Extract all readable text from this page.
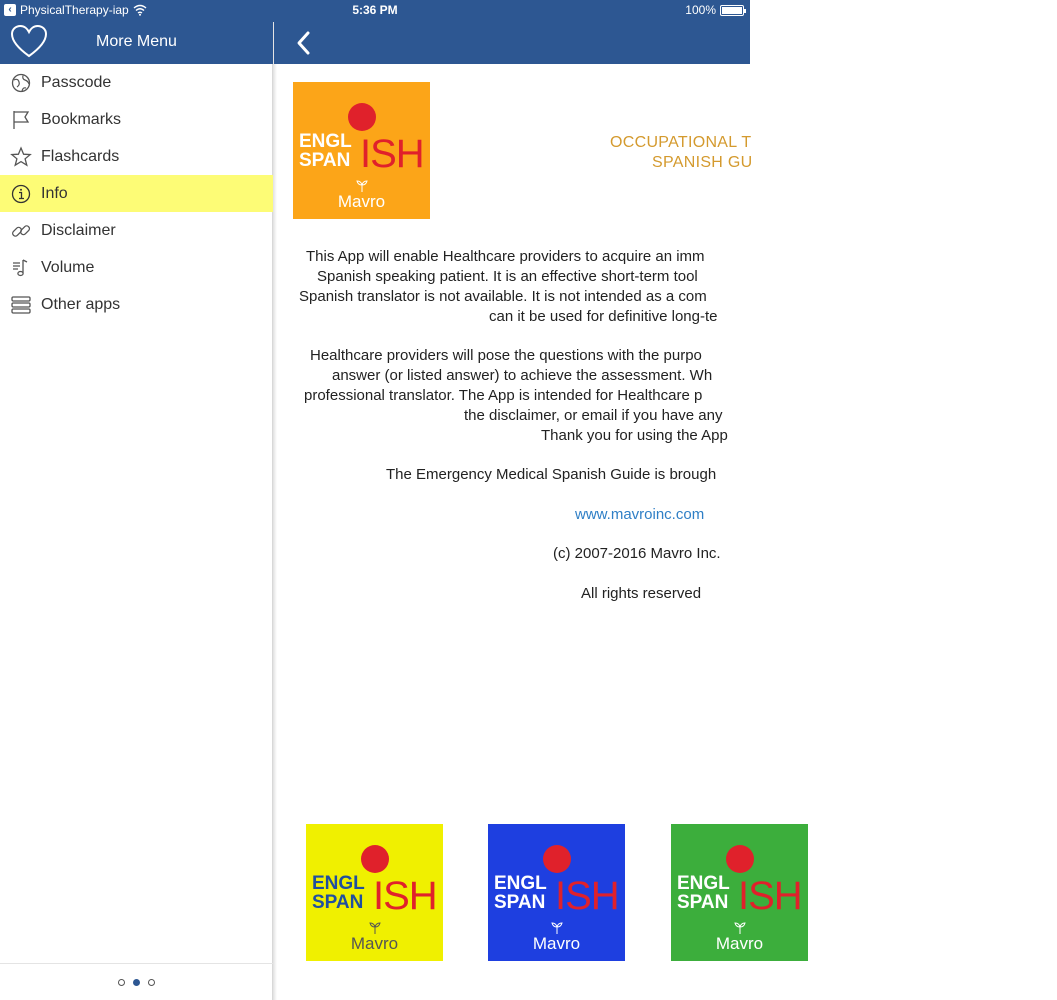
More Menu
Passcode
Bookmarks
Flashcards
Info
Disclaimer
Volume
Other apps
ENGL
SPAN ISH
Mavro
OCCUPATIONAL T
SPANISH GU
This App will enable Healthcare providers to acquire an imm
Spanish speaking patient. It is an effective short-term tool
Spanish translator is not available. It is not intended as a com
can it be used for definitive long-te
Healthcare providers will pose the questions with the purpo
answer (or listed answer) to achieve the assessment. Wh
professional translator. The App is intended for Healthcare p
the disclaimer, or email if you have any
Thank you for using the App
The Emergency Medical Spanish Guide is brough
www.mavroinc.com
(c) 2007-2016 Mavro Inc.
All rights reserved
ENGL
SPAN ISH
Mavro
ENGL
SPAN ISH
Mavro
ENGL
SPAN ISH
Mavro
‹ PhysicalTherapy-iap	5:36 PM	100%
